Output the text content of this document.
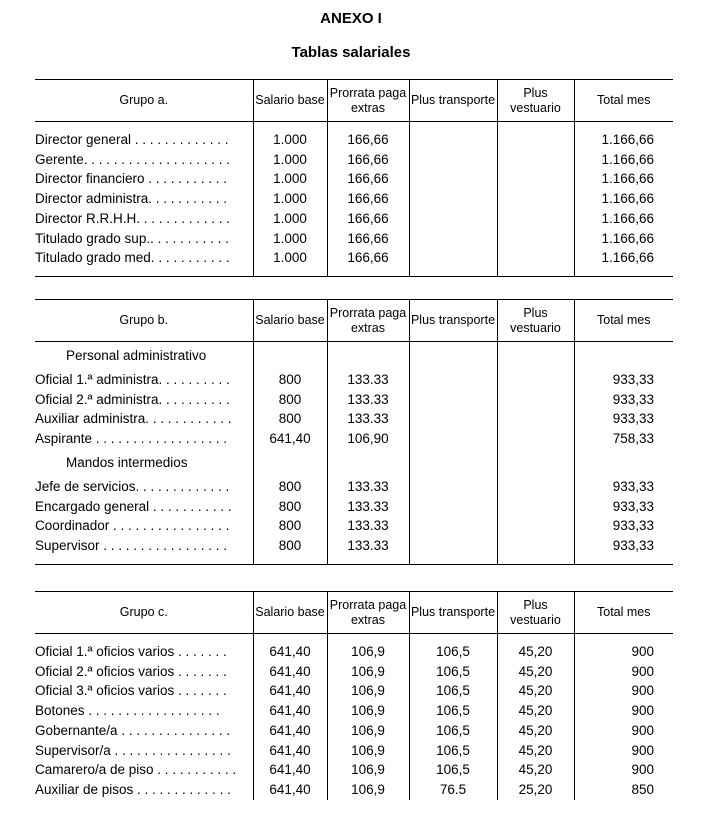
ANEXO I
Tablas salariales
Grupo a.	Salario base	Prorrata paga extras	Plus transporte	Plus vestuario	Total mes

Director general . . . . . . . . . . . . .	1.000	166,66			1.166,66
Gerente. . . . . . . . . . . . . . . . . . . .	1.000	166,66			1.166,66
Director financiero . . . . . . . . . . .	1.000	166,66			1.166,66
Director administra. . . . . . . . . . .	1.000	166,66			1.166,66
Director R.R.H.H. . . . . . . . . . . . .	1.000	166,66			1.166,66
Titulado grado sup.. . . . . . . . . . .	1.000	166,66			1.166,66
Titulado grado med. . . . . . . . . . .	1.000	166,66			1.166,66

Grupo b.	Salario base	Prorrata paga extras	Plus transporte	Plus vestuario	Total mes
Personal administrativo					
Oficial 1.ª administra. . . . . . . . . .	800	133.33			933,33
Oficial 2.ª administra. . . . . . . . . .	800	133.33			933,33
Auxiliar administra. . . . . . . . . . . .	800	133.33			933,33
Aspirante . . . . . . . . . . . . . . . . . .	641,40	106,90			758,33
Mandos intermedios					
Jefe de servicios. . . . . . . . . . . . .	800	133.33			933,33
Encargado general . . . . . . . . . . .	800	133.33			933,33
Coordinador . . . . . . . . . . . . . . . .	800	133.33			933,33
Supervisor . . . . . . . . . . . . . . . . .	800	133.33			933,33

Grupo c.	Salario base	Prorrata paga extras	Plus transporte	Plus vestuario	Total mes

Oficial 1.ª oficios varios . . . . . . .	641,40	106,9	106,5	45,20	900
Oficial 2.ª oficios varios . . . . . . .	641,40	106,9	106,5	45,20	900
Oficial 3.ª oficios varios . . . . . . .	641,40	106,9	106,5	45,20	900
Botones . . . . . . . . . . . . . . . . . .	641,40	106,9	106,5	45,20	900
Gobernante/a . . . . . . . . . . . . . . .	641,40	106,9	106,5	45,20	900
Supervisor/a . . . . . . . . . . . . . . . .	641,40	106,9	106,5	45,20	900
Camarero/a de piso . . . . . . . . . . .	641,40	106,9	106,5	45,20	900
Auxiliar de pisos . . . . . . . . . . . . .	641,40	106,9	76.5	25,20	850
